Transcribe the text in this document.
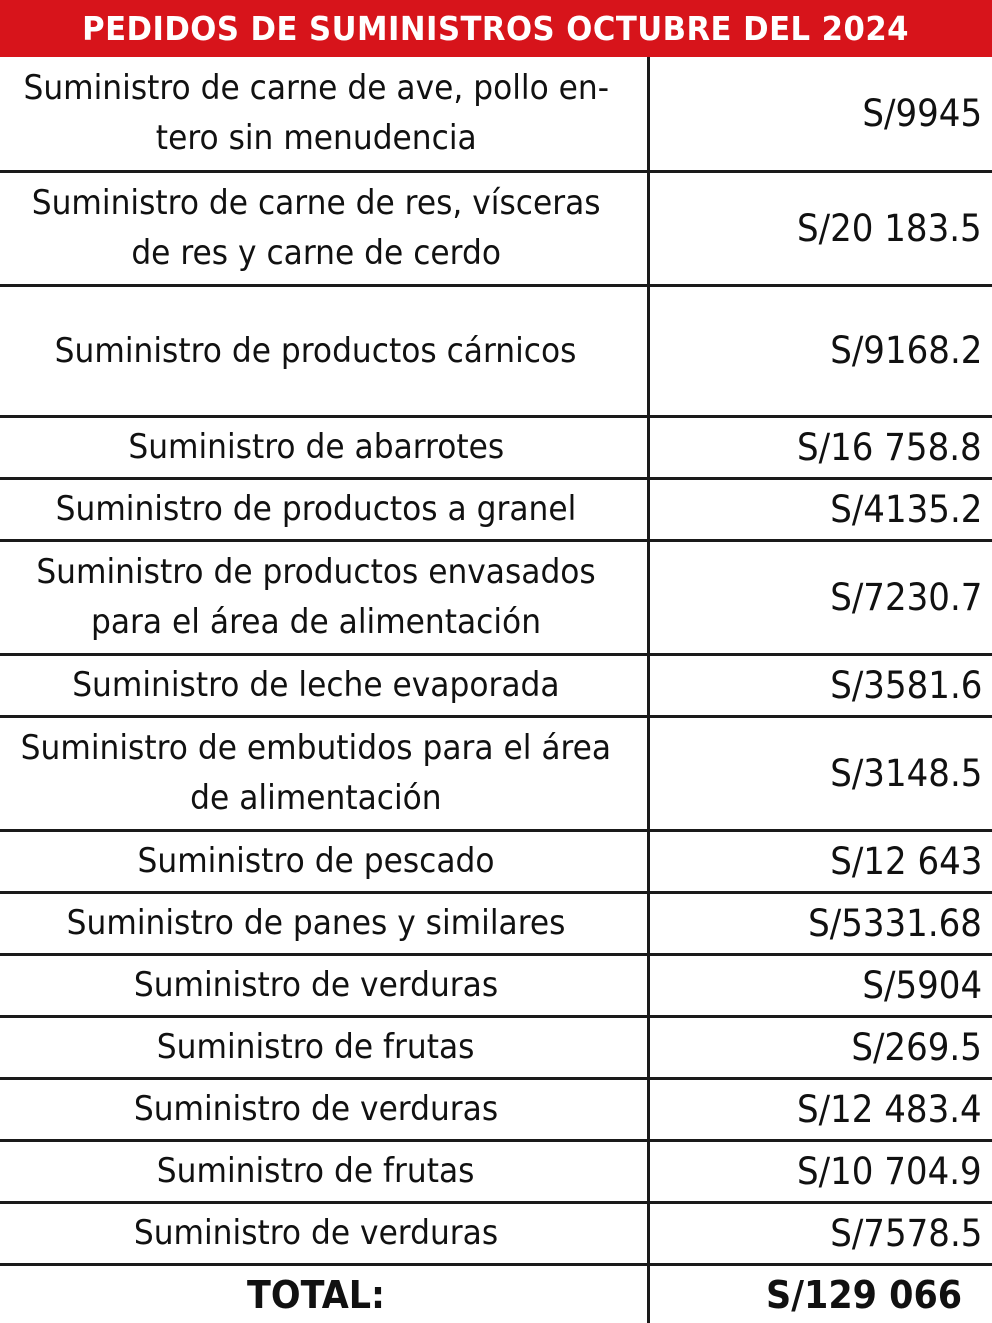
PEDIDOS DE SUMINISTROS OCTUBRE DEL 2024
Suministro de carne de ave, pollo en-
tero sin menudencia	S/9945
Suministro de carne de res, vísceras
de res y carne de cerdo	S/20 183.5
Suministro de productos cárnicos	S/9168.2
Suministro de abarrotes	S/16 758.8
Suministro de productos a granel	S/4135.2
Suministro de productos envasados
para el área de alimentación	S/7230.7
Suministro de leche evaporada	S/3581.6
Suministro de embutidos para el área
de alimentación	S/3148.5
Suministro de pescado	S/12 643
Suministro de panes y similares	S/5331.68
Suministro de verduras	S/5904
Suministro de frutas	S/269.5
Suministro de verduras	S/12 483.4
Suministro de frutas	S/10 704.9
Suministro de verduras	S/7578.5
TOTAL:	S/129 066
